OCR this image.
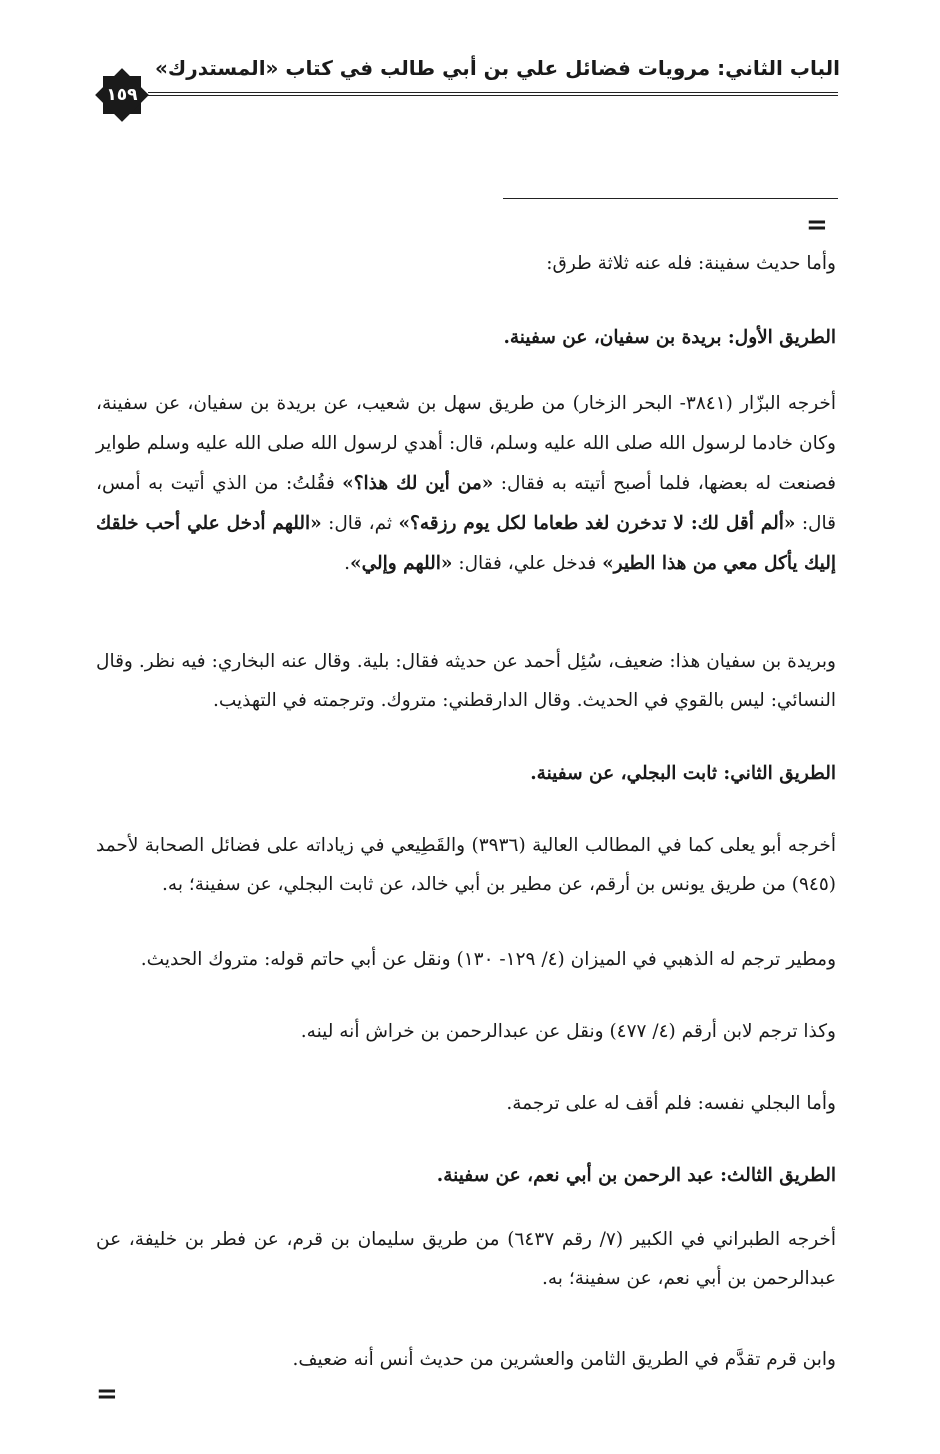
الباب الثاني: مرويات فضائل علي بن أبي طالب في كتاب «المستدرك»
١٥٩
=
وأما حديث سفينة: فله عنه ثلاثة طرق:
الطريق الأول: بريدة بن سفيان، عن سفينة.
أخرجه البزّار (٣٨٤١- البحر الزخار) من طريق سهل بن شعيب، عن بريدة بن سفيان، عن سفينة، وكان خادما لرسول الله صلى الله عليه وسلم، قال: أهدي لرسول الله صلى الله عليه وسلم طواير فصنعت له بعضها، فلما أصبح أتيته به فقال: «من أين لك هذا؟» فقُلتُ: من الذي أتيت به أمس، قال: «ألم أقل لك: لا تدخرن لغد طعاما لكل يوم رزقه؟» ثم، قال: «اللهم أدخل علي أحب خلقك إليك يأكل معي من هذا الطير» فدخل علي، فقال: «اللهم وإلي».
وبريدة بن سفيان هذا: ضعيف، سُئِل أحمد عن حديثه فقال: بلية. وقال عنه البخاري: فيه نظر. وقال النسائي: ليس بالقوي في الحديث. وقال الدارقطني: متروك. وترجمته في التهذيب.
الطريق الثاني: ثابت البجلي، عن سفينة.
أخرجه أبو يعلى كما في المطالب العالية (٣٩٣٦) والقَطِيعي في زياداته على فضائل الصحابة لأحمد (٩٤٥) من طريق يونس بن أرقم، عن مطير بن أبي خالد، عن ثابت البجلي، عن سفينة؛ به.
ومطير ترجم له الذهبي في الميزان (٤/ ١٢٩- ١٣٠) ونقل عن أبي حاتم قوله: متروك الحديث.
وكذا ترجم لابن أرقم (٤/ ٤٧٧) ونقل عن عبدالرحمن بن خراش أنه لينه.
وأما البجلي نفسه: فلم أقف له على ترجمة.
الطريق الثالث: عبد الرحمن بن أبي نعم، عن سفينة.
أخرجه الطبراني في الكبير (٧/ رقم ٦٤٣٧) من طريق سليمان بن قرم، عن فطر بن خليفة، عن عبدالرحمن بن أبي نعم، عن سفينة؛ به.
وابن قرم تقدَّم في الطريق الثامن والعشرين من حديث أنس أنه ضعيف.
=
